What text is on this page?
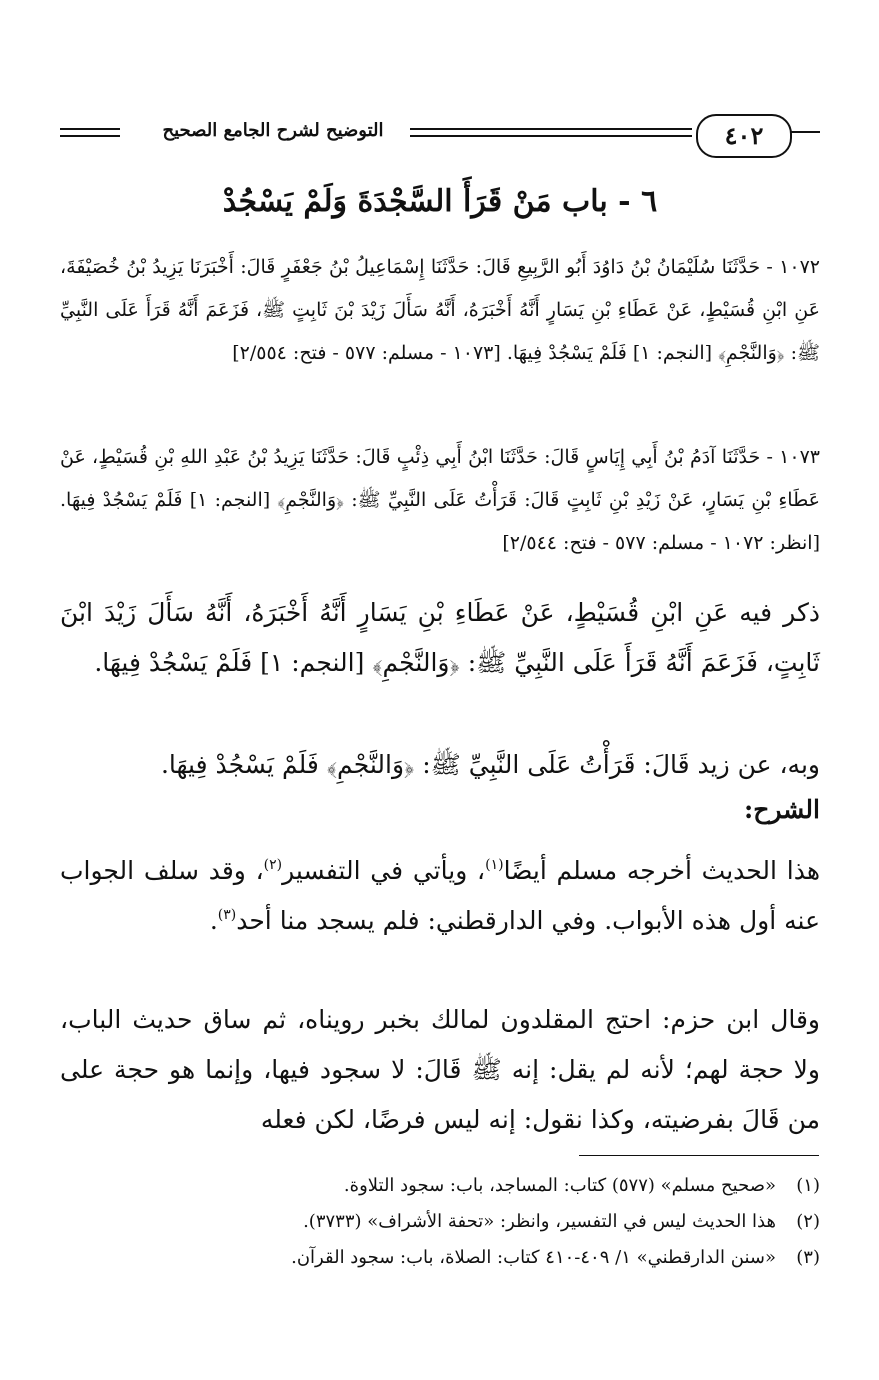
التوضيح لشرح الجامع الصحيح	٤٠٢
٦ - باب مَنْ قَرَأَ السَّجْدَةَ وَلَمْ يَسْجُدْ
١٠٧٢ - حَدَّثَنَا سُلَيْمَانُ بْنُ دَاوُدَ أَبُو الرَّبِيعِ قَالَ: حَدَّثَنَا إِسْمَاعِيلُ بْنُ جَعْفَرٍ قَالَ: أَخْبَرَنَا يَزِيدُ بْنُ خُصَيْفَةَ، عَنِ ابْنِ قُسَيْطٍ، عَنْ عَطَاءِ بْنِ يَسَارٍ أَنَّهُ أَخْبَرَهُ، أَنَّهُ سَأَلَ زَيْدَ بْنَ ثَابِتٍ ﷺ، فَزَعَمَ أَنَّهُ قَرَأَ عَلَى النَّبِيِّ ﷺ: ﴿وَالنَّجْمِ﴾ [النجم: ١] فَلَمْ يَسْجُدْ فِيهَا. [١٠٧٣ - مسلم: ٥٧٧ - فتح: ٢/٥٥٤]
١٠٧٣ - حَدَّثَنَا آدَمُ بْنُ أَبِي إِيَاسٍ قَالَ: حَدَّثَنَا ابْنُ أَبِي ذِئْبٍ قَالَ: حَدَّثَنَا يَزِيدُ بْنُ عَبْدِ اللهِ بْنِ قُسَيْطٍ، عَنْ عَطَاءِ بْنِ يَسَارٍ، عَنْ زَيْدِ بْنِ ثَابِتٍ قَالَ: قَرَأْتُ عَلَى النَّبِيِّ ﷺ: ﴿وَالنَّجْمِ﴾ [النجم: ١] فَلَمْ يَسْجُدْ فِيهَا. [انظر: ١٠٧٢ - مسلم: ٥٧٧ - فتح: ٢/٥٤٤]
ذكر فيه عَنِ ابْنِ قُسَيْطٍ، عَنْ عَطَاءِ بْنِ يَسَارٍ أَنَّهُ أَخْبَرَهُ، أَنَّهُ سَأَلَ زَيْدَ ابْنَ ثَابِتٍ، فَزَعَمَ أَنَّهُ قَرَأَ عَلَى النَّبِيِّ ﷺ: ﴿وَالنَّجْمِ﴾ [النجم: ١] فَلَمْ يَسْجُدْ فِيهَا.
وبه، عن زيد قَالَ: قَرَأْتُ عَلَى النَّبِيِّ ﷺ: ﴿وَالنَّجْمِ﴾ فَلَمْ يَسْجُدْ فِيهَا.
الشرح:
هذا الحديث أخرجه مسلم أيضًا$^{(١)}$، ويأتي في التفسير$^{(٢)}$، وقد سلف الجواب عنه أول هذه الأبواب. وفي الدارقطني: فلم يسجد منا أحد$^{(٣)}$.
وقال ابن حزم: احتج المقلدون لمالك بخبر رويناه، ثم ساق حديث الباب، ولا حجة لهم؛ لأنه لم يقل: إنه ﷺ قَالَ: لا سجود فيها، وإنما هو حجة على من قَالَ بفرضيته، وكذا نقول: إنه ليس فرضًا، لكن فعله
(١)
«صحيح مسلم» (٥٧٧) كتاب: المساجد، باب: سجود التلاوة.
(٢)
هذا الحديث ليس في التفسير، وانظر: «تحفة الأشراف» (٣٧٣٣).
(٣)
«سنن الدارقطني» ١/ ٤٠٩-٤١٠ كتاب: الصلاة، باب: سجود القرآن.
